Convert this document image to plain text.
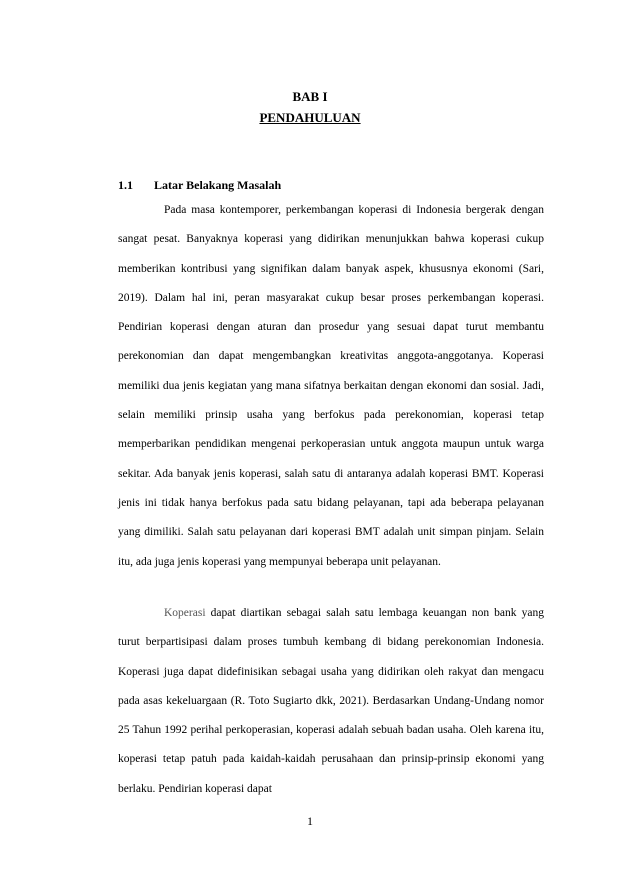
BAB I
PENDAHULUAN
1.1 Latar Belakang Masalah

Pada masa kontemporer, perkembangan koperasi di Indonesia bergerak dengan sangat pesat. Banyaknya koperasi yang didirikan menunjukkan bahwa koperasi cukup memberikan kontribusi yang signifikan dalam banyak aspek, khususnya ekonomi (Sari, 2019). Dalam hal ini, peran masyarakat cukup besar proses perkembangan koperasi. Pendirian koperasi dengan aturan dan prosedur yang sesuai dapat turut membantu perekonomian dan dapat mengembangkan kreativitas anggota-anggotanya. Koperasi memiliki dua jenis kegiatan yang mana sifatnya berkaitan dengan ekonomi dan sosial. Jadi, selain memiliki prinsip usaha yang berfokus pada perekonomian, koperasi tetap memperbarikan pendidikan mengenai perkoperasian untuk anggota maupun untuk warga sekitar. Ada banyak jenis koperasi, salah satu di antaranya adalah koperasi BMT. Koperasi jenis ini tidak hanya berfokus pada satu bidang pelayanan, tapi ada beberapa pelayanan yang dimiliki. Salah satu pelayanan dari koperasi BMT adalah unit simpan pinjam. Selain itu, ada juga jenis koperasi yang mempunyai beberapa unit pelayanan.

Koperasi dapat diartikan sebagai salah satu lembaga keuangan non bank yang turut berpartisipasi dalam proses tumbuh kembang di bidang perekonomian Indonesia. Koperasi juga dapat didefinisikan sebagai usaha yang didirikan oleh rakyat dan mengacu pada asas kekeluargaan (R. Toto Sugiarto dkk, 2021). Berdasarkan Undang-Undang nomor 25 Tahun 1992 perihal perkoperasian, koperasi adalah sebuah badan usaha. Oleh karena itu, koperasi tetap patuh pada kaidah-kaidah perusahaan dan prinsip-prinsip ekonomi yang berlaku. Pendirian koperasi dapat

1
